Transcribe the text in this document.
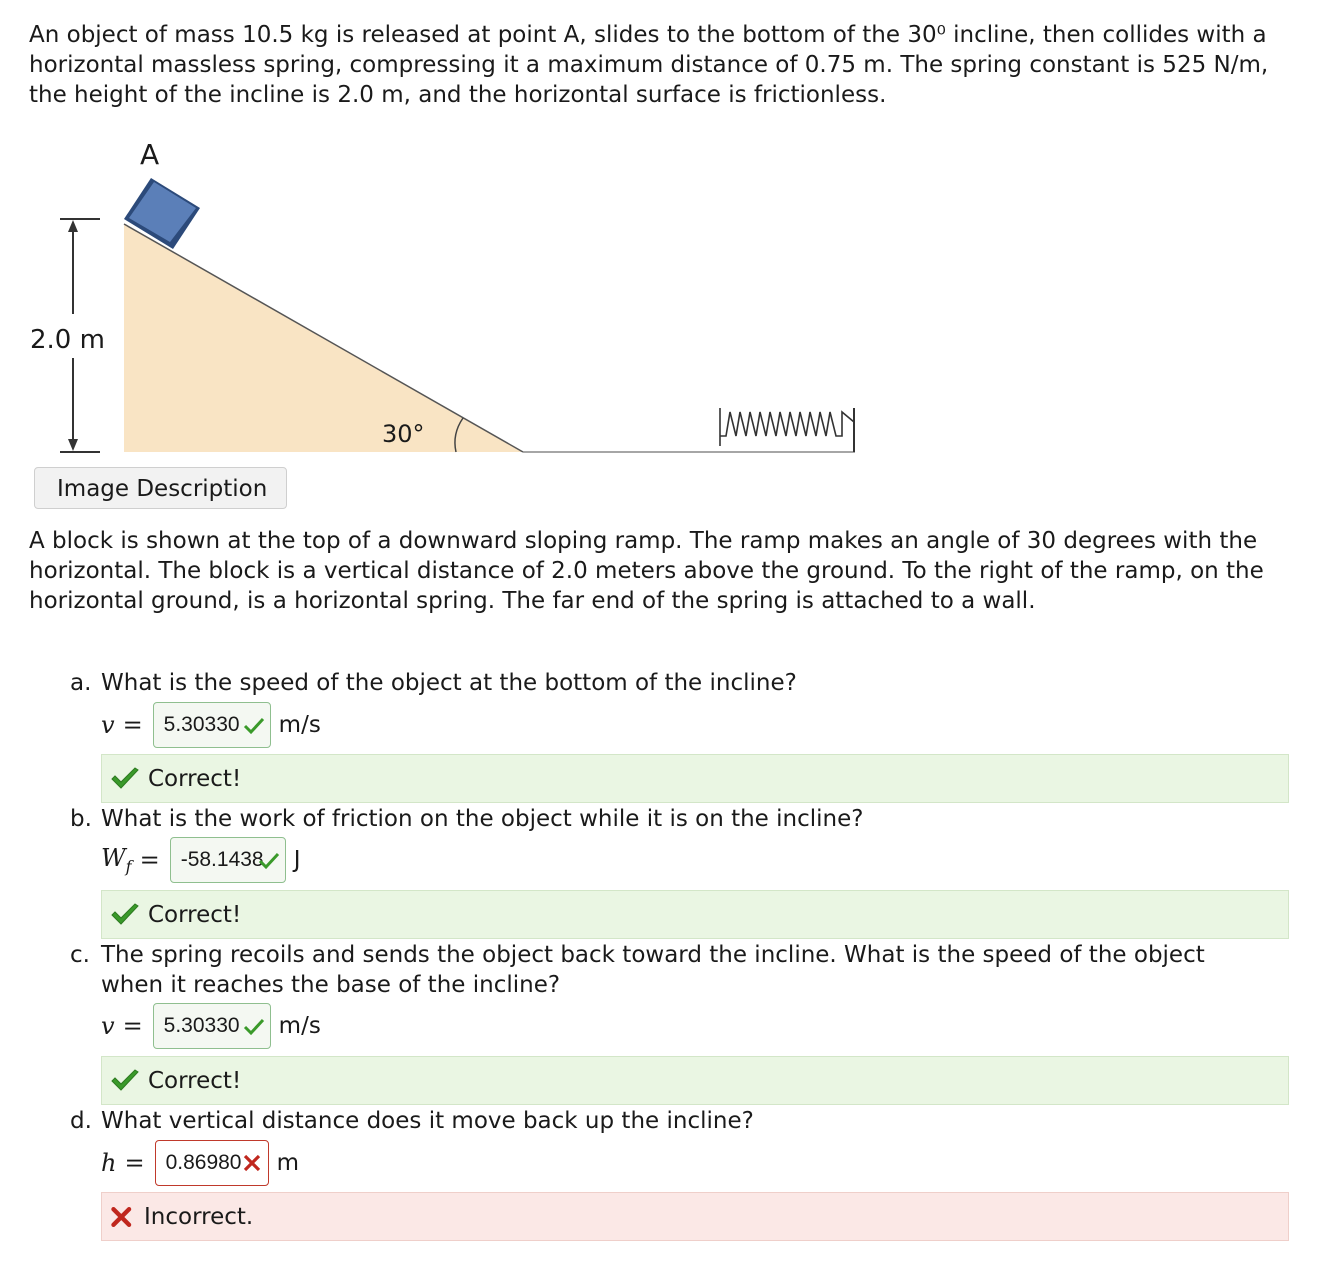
An object of mass 10.5 kg is released at point A, slides to the bottom of the 30⁰ incline, then collides with a horizontal massless spring, compressing it a maximum distance of 0.75 m. The spring constant is 525 N/m, the height of the incline is 2.0 m, and the horizontal surface is frictionless.

2.0 m
30°
A
Image Description

A block is shown at the top of a downward sloping ramp. The ramp makes an angle of 30 degrees with the horizontal. The block is a vertical distance of 2.0 meters above the ground. To the right of the ramp, on the horizontal ground, is a horizontal spring. The far end of the spring is attached to a wall.

a. What is the speed of the object at the bottom of the incline?
v = 5.30330 m/s
Correct!
b. What is the work of friction on the object while it is on the incline?
$W_f = -58.1438$ J
Correct!
c. The spring recoils and sends the object back toward the incline. What is the speed of the object when it reaches the base of the incline?
v = 5.30330 m/s
Correct!
d. What vertical distance does it move back up the incline?
h = 0.86980 m
Incorrect.
